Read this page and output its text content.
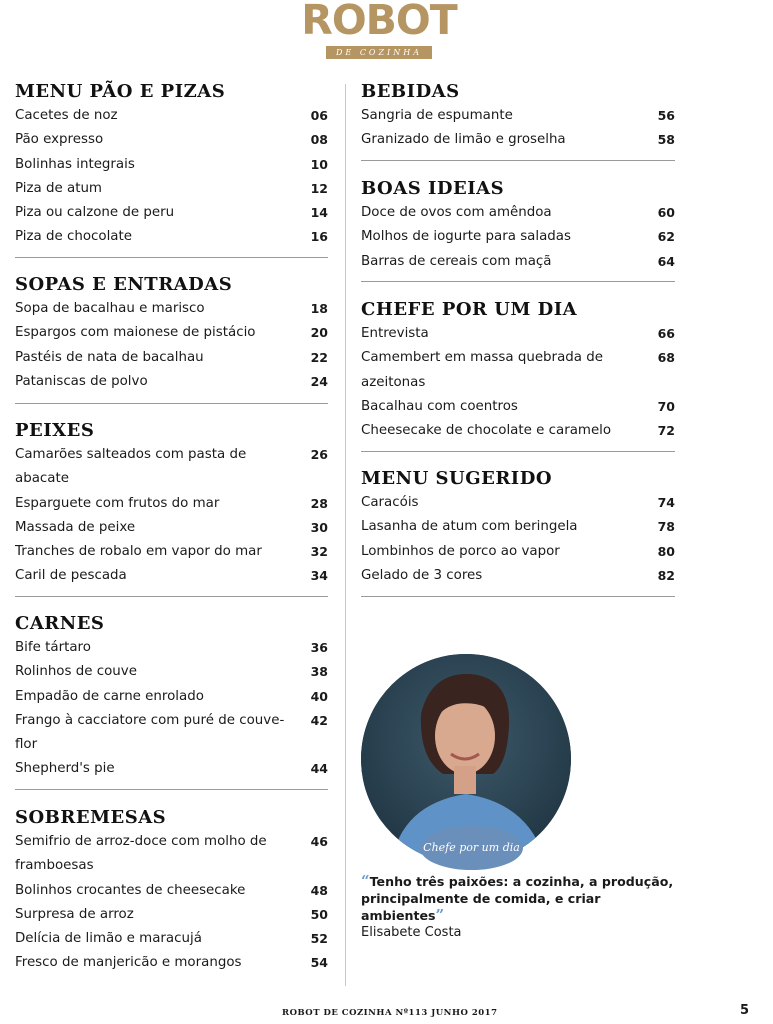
ROBOT
DE COZINHA
MENU PÃO E PIZAS
Cacetes de noz	06
Pão expresso	08
Bolinhas integrais	10
Piza de atum	12
Piza ou calzone de peru	14
Piza de chocolate	16
SOPAS E ENTRADAS
Sopa de bacalhau e marisco	18
Espargos com maionese de pistácio	20
Pastéis de nata de bacalhau	22
Pataniscas de polvo	24
PEIXES
Camarões salteados com pasta de abacate
26
Esparguete com frutos do mar	28
Massada de peixe	30
Tranches de robalo em vapor do mar	32
Caril de pescada	34
CARNES
Bife tártaro	36
Rolinhos de couve	38
Empadão de carne enrolado	40
Frango à cacciatore com puré de couve-flor
42
Shepherd's pie	44
SOBREMESAS
Semifrio de arroz-doce com molho de framboesas
46
Bolinhos crocantes de cheesecake	48
Surpresa de arroz	50
Delícia de limão e maracujá	52
Fresco de manjericão e morangos	54
BEBIDAS
Sangria de espumante	56
Granizado de limão e groselha	58
BOAS IDEIAS
Doce de ovos com amêndoa	60
Molhos de iogurte para saladas	62
Barras de cereais com maçã	64
CHEFE POR UM DIA
Entrevista	66
Camembert em massa quebrada de azeitonas
68
Bacalhau com coentros	70
Cheesecake de chocolate e caramelo	72
MENU SUGERIDO
Caracóis	74
Lasanha de atum com beringela	78
Lombinhos de porco ao vapor	80
Gelado de 3 cores	82
Chefe por um dia
“Tenho três paixões: a cozinha, a produção, principalmente de comida, e criar ambientes”
Elisabete Costa
ROBOT DE COZINHA Nº113 JUNHO 2017	5
